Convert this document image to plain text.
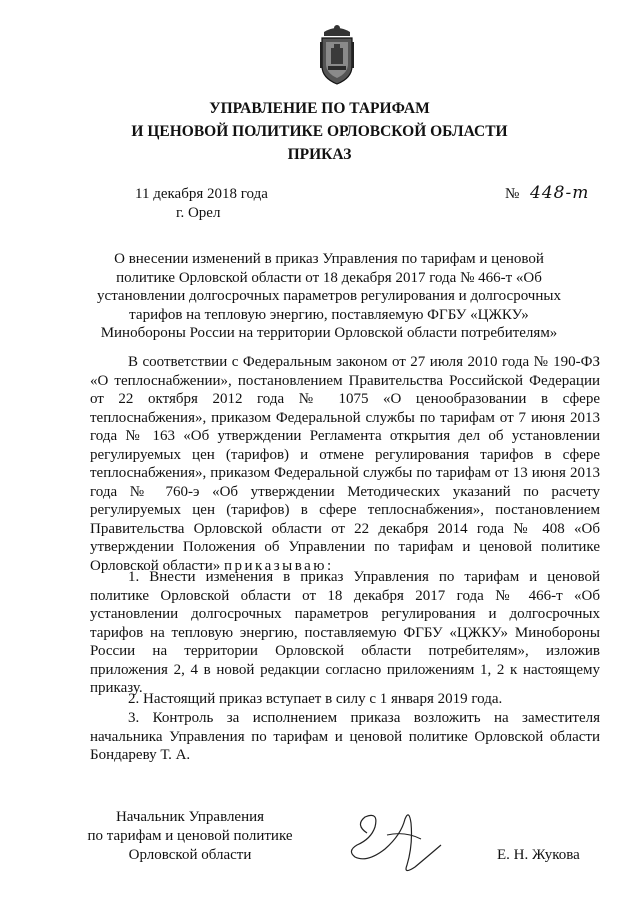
УПРАВЛЕНИЕ ПО ТАРИФАМ
И ЦЕНОВОЙ ПОЛИТИКЕ ОРЛОВСКОЙ ОБЛАСТИ
ПРИКАЗ
11 декабря 2018 года
г. Орел
№ 448-т
О внесении изменений в приказ Управления по тарифам и ценовой политике Орловской области от 18 декабря 2017 года № 466-т «Об установлении долгосрочных параметров регулирования и долгосрочных тарифов на тепловую энергию, поставляемую ФГБУ «ЦЖКУ» Минобороны России на территории Орловской области потребителям»
В соответствии с Федеральным законом от 27 июля 2010 года № 190-ФЗ «О теплоснабжении», постановлением Правительства Российской Федерации от 22 октября 2012 года № 1075 «О ценообразовании в сфере теплоснабжения», приказом Федеральной службы по тарифам от 7 июня 2013 года № 163 «Об утверждении Регламента открытия дел об установлении регулируемых цен (тарифов) и отмене регулирования тарифов в сфере теплоснабжения», приказом Федеральной службы по тарифам от 13 июня 2013 года № 760-э «Об утверждении Методических указаний по расчету регулируемых цен (тарифов) в сфере теплоснабжения», постановлением Правительства Орловской области от 22 декабря 2014 года № 408 «Об утверждении Положения об Управлении по тарифам и ценовой политике Орловской области» приказываю:
1. Внести изменения в приказ Управления по тарифам и ценовой политике Орловской области от 18 декабря 2017 года № 466-т «Об установлении долгосрочных параметров регулирования и долгосрочных тарифов на тепловую энергию, поставляемую ФГБУ «ЦЖКУ» Минобороны России на территории Орловской области потребителям», изложив приложения 2, 4 в новой редакции согласно приложениям 1, 2 к настоящему приказу.
2. Настоящий приказ вступает в силу с 1 января 2019 года.
3. Контроль за исполнением приказа возложить на заместителя начальника Управления по тарифам и ценовой политике Орловской области Бондареву Т. А.
Начальник Управления
по тарифам и ценовой политике
Орловской области	Е. Н. Жукова
